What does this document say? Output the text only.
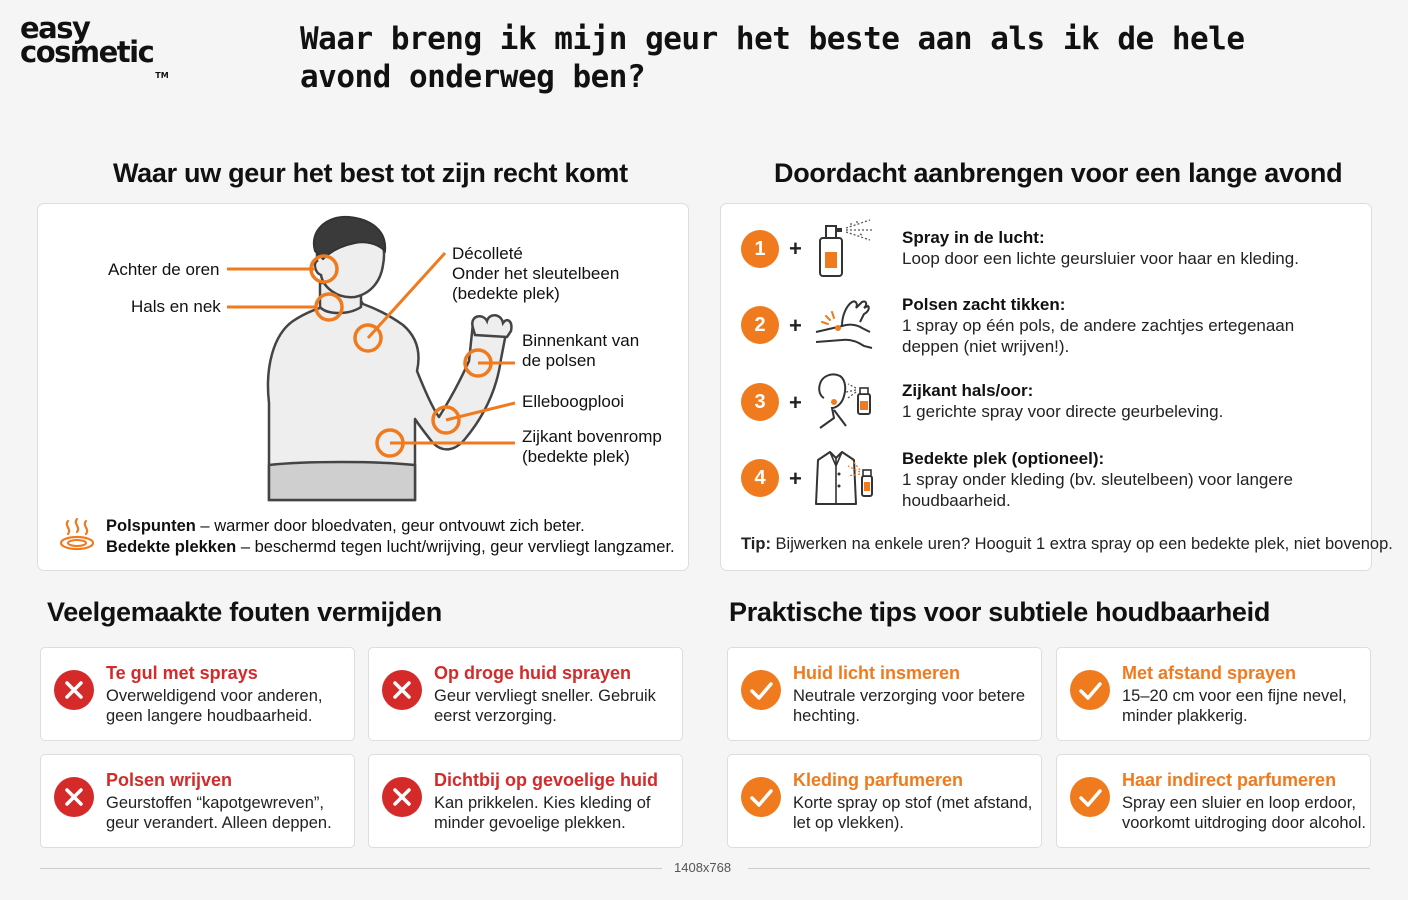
easy
cosmeticTM
Waar breng ik mijn geur het beste aan als ik de hele avond onderweg ben?
Waar uw geur het best tot zijn recht komt
Achter de oren
Hals en nek
Décolleté
Onder het sleutelbeen
(bedekte plek)
Binnenkant van
de polsen
Elleboogplooi
Zijkant bovenromp
(bedekte plek)
Polspunten – warmer door bloedvaten, geur ontvouwt zich beter.
Bedekte plekken – beschermd tegen lucht/wrijving, geur vervliegt langzamer.
Doordacht aanbrengen voor een lange avond
1
2
3
4
+
+
+
+
Spray in de lucht:
Loop door een lichte geursluier voor haar en kleding.
Polsen zacht tikken:
1 spray op één pols, de andere zachtjes ertegenaan deppen (niet wrijven!).
Zijkant hals/oor:
1 gerichte spray voor directe geurbeleving.
Bedekte plek (optioneel):
1 spray onder kleding (bv. sleutelbeen) voor langere houdbaarheid.
Tip: Bijwerken na enkele uren? Hooguit 1 extra spray op een bedekte plek, niet bovenop.
Veelgemaakte fouten vermijden
Te gul met sprays
Overweldigend voor anderen, geen langere houdbaarheid.
Op droge huid sprayen
Geur vervliegt sneller. Gebruik eerst verzorging.
Polsen wrijven
Geurstoffen “kapotgewreven”, geur verandert. Alleen deppen.
Dichtbij op gevoelige huid
Kan prikkelen. Kies kleding of minder gevoelige plekken.
Praktische tips voor subtiele houdbaarheid
Huid licht insmeren
Neutrale verzorging voor betere hechting.
Met afstand sprayen
15–20 cm voor een fijne nevel, minder plakkerig.
Kleding parfumeren
Korte spray op stof (met afstand, let op vlekken).
Haar indirect parfumeren
Spray een sluier en loop erdoor, voorkomt uitdroging door alcohol.
1408x768
